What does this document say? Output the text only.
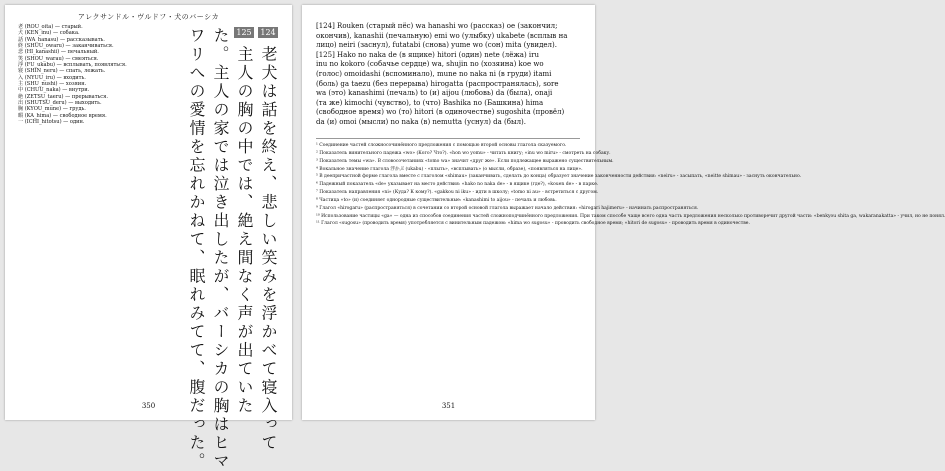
アレクサンドル・ヴルドフ・犬のバーシカ
老 (ROU_oita) — старый.
犬 (KEN_inu) — собака.
話 (WA_hanasu) — рассказывать.
終 (SHUU_owaru) — заканчиваться.
悲 (HI_kanashii) — печальный.
笑 (SHOU_warau) — смеяться.
浮 (FU_ukabu) — всплывать, появляться.
寝 (SHIN_neru) — спать, лежать.
入 (NYUU_iru) — входить.
主 (SHU_nushi) — хозяин.
中 (CHUU_naka) — внутри.
絶 (ZETSU_taeru) — прерываться.
出 (SHUTSU_deru) — выходить.
胸 (KYOU_mune) — грудь.
暇 (KA_hima) — свободное время.
一 (ICHI_hitotsu) — один.
124 老犬は話を終え、悲しい笑みを浮かべて寝入って
125 主人の胸の中では、絶え間なく声が出ていた
た。主人の家では泣き出したが、バーシカの胸はヒマ
ワリへの愛情を忘れかねて、眠れみてて、腹だった。
350
[124] Rouken (старый пёс) wa hanashi wo (рассказ) oe (закончил;
окончив), kanashii (печальную) emi wo (улыбку) ukabete (всплыв на
лицо) neiri (заснул), futatabi (снова) yume wo (сон) mita (увидел).
[125] Hako no naka de (в ящике) hitori (один) nete (лёжа) iru
inu no kokoro (собачье сердце) wa, shujin no (хозяина) koe wo
(голос) omoidashi (вспоминало), mune no naka ni (в груди) itami
(боль) ga taezu (без перерыва) hirogatta (распространялась), sore
wa (это) kanashimi (печаль) to (и) aijou (любовь) da (была), onaji
(та же) kimochi (чувство), to (что) Bashika no (Башкина) hima
(свободное время) wo (то) hitori (в одиночестве) sugoshita (провёл)
da (и) omoi (мысли) no naka (в) nemutta (уснул) da (был).
¹ Соединение частей сложносочинённого предложения с помощью второй основы глагола сказуемого.
² Показатель винительного падежа «wo» (Кого? Что?). «hon wo yomu» - читать книгу; «inu wo miru» - смотреть на собаку.
³ Показатель темы «wa». В словосочетаниях «tomo wa» значит «друг же». Если подлежащее выражено существительным.
⁴ Вокальное значение глагола 浮かぶ (ukabu) - «плыть», «всплывать» (о мысли, образе), «появляться на лице».
⁵ В деепричастной форме глагола вместе с глаголом «shimau» (заканчивать, сделать до конца) образует значение законченности действия: «neiru» - засыпать, «neitte shimau» - заснуть окончательно.
⁶ Падежный показатель «de» указывает на место действия: «hako no naka de» - в ящике (где?), «kouen de» - в парке.
⁷ Показатель направления «ni» (Куда? К кому?). «gakkou ni iku» - идти в школу; «tomo ni au» - встретиться с другом.
⁸ Частица «to» (и) соединяет однородные существительные: «kanashimi to aijou» - печаль и любовь.
⁹ Глагол «hirogaru» (распространяться) в сочетании со второй основой глагола выражает начало действия: «hirogari hajimeru» - начинать распространяться.
¹⁰ Использование частицы «ga» — одна из способов соединения частей сложноподчинённого предложения. При таком способе чаще всего одна часть предложения несколько противоречит другой части: «benkyou shita ga, wakaranakatta» - учил, но не понял.
¹¹ Глагол «sugosu» (проводить время) употребляется с винительным падежом: «hima wo sugosu» - проводить свободное время; «hitori de sugosu» - проводить время в одиночестве.
351
